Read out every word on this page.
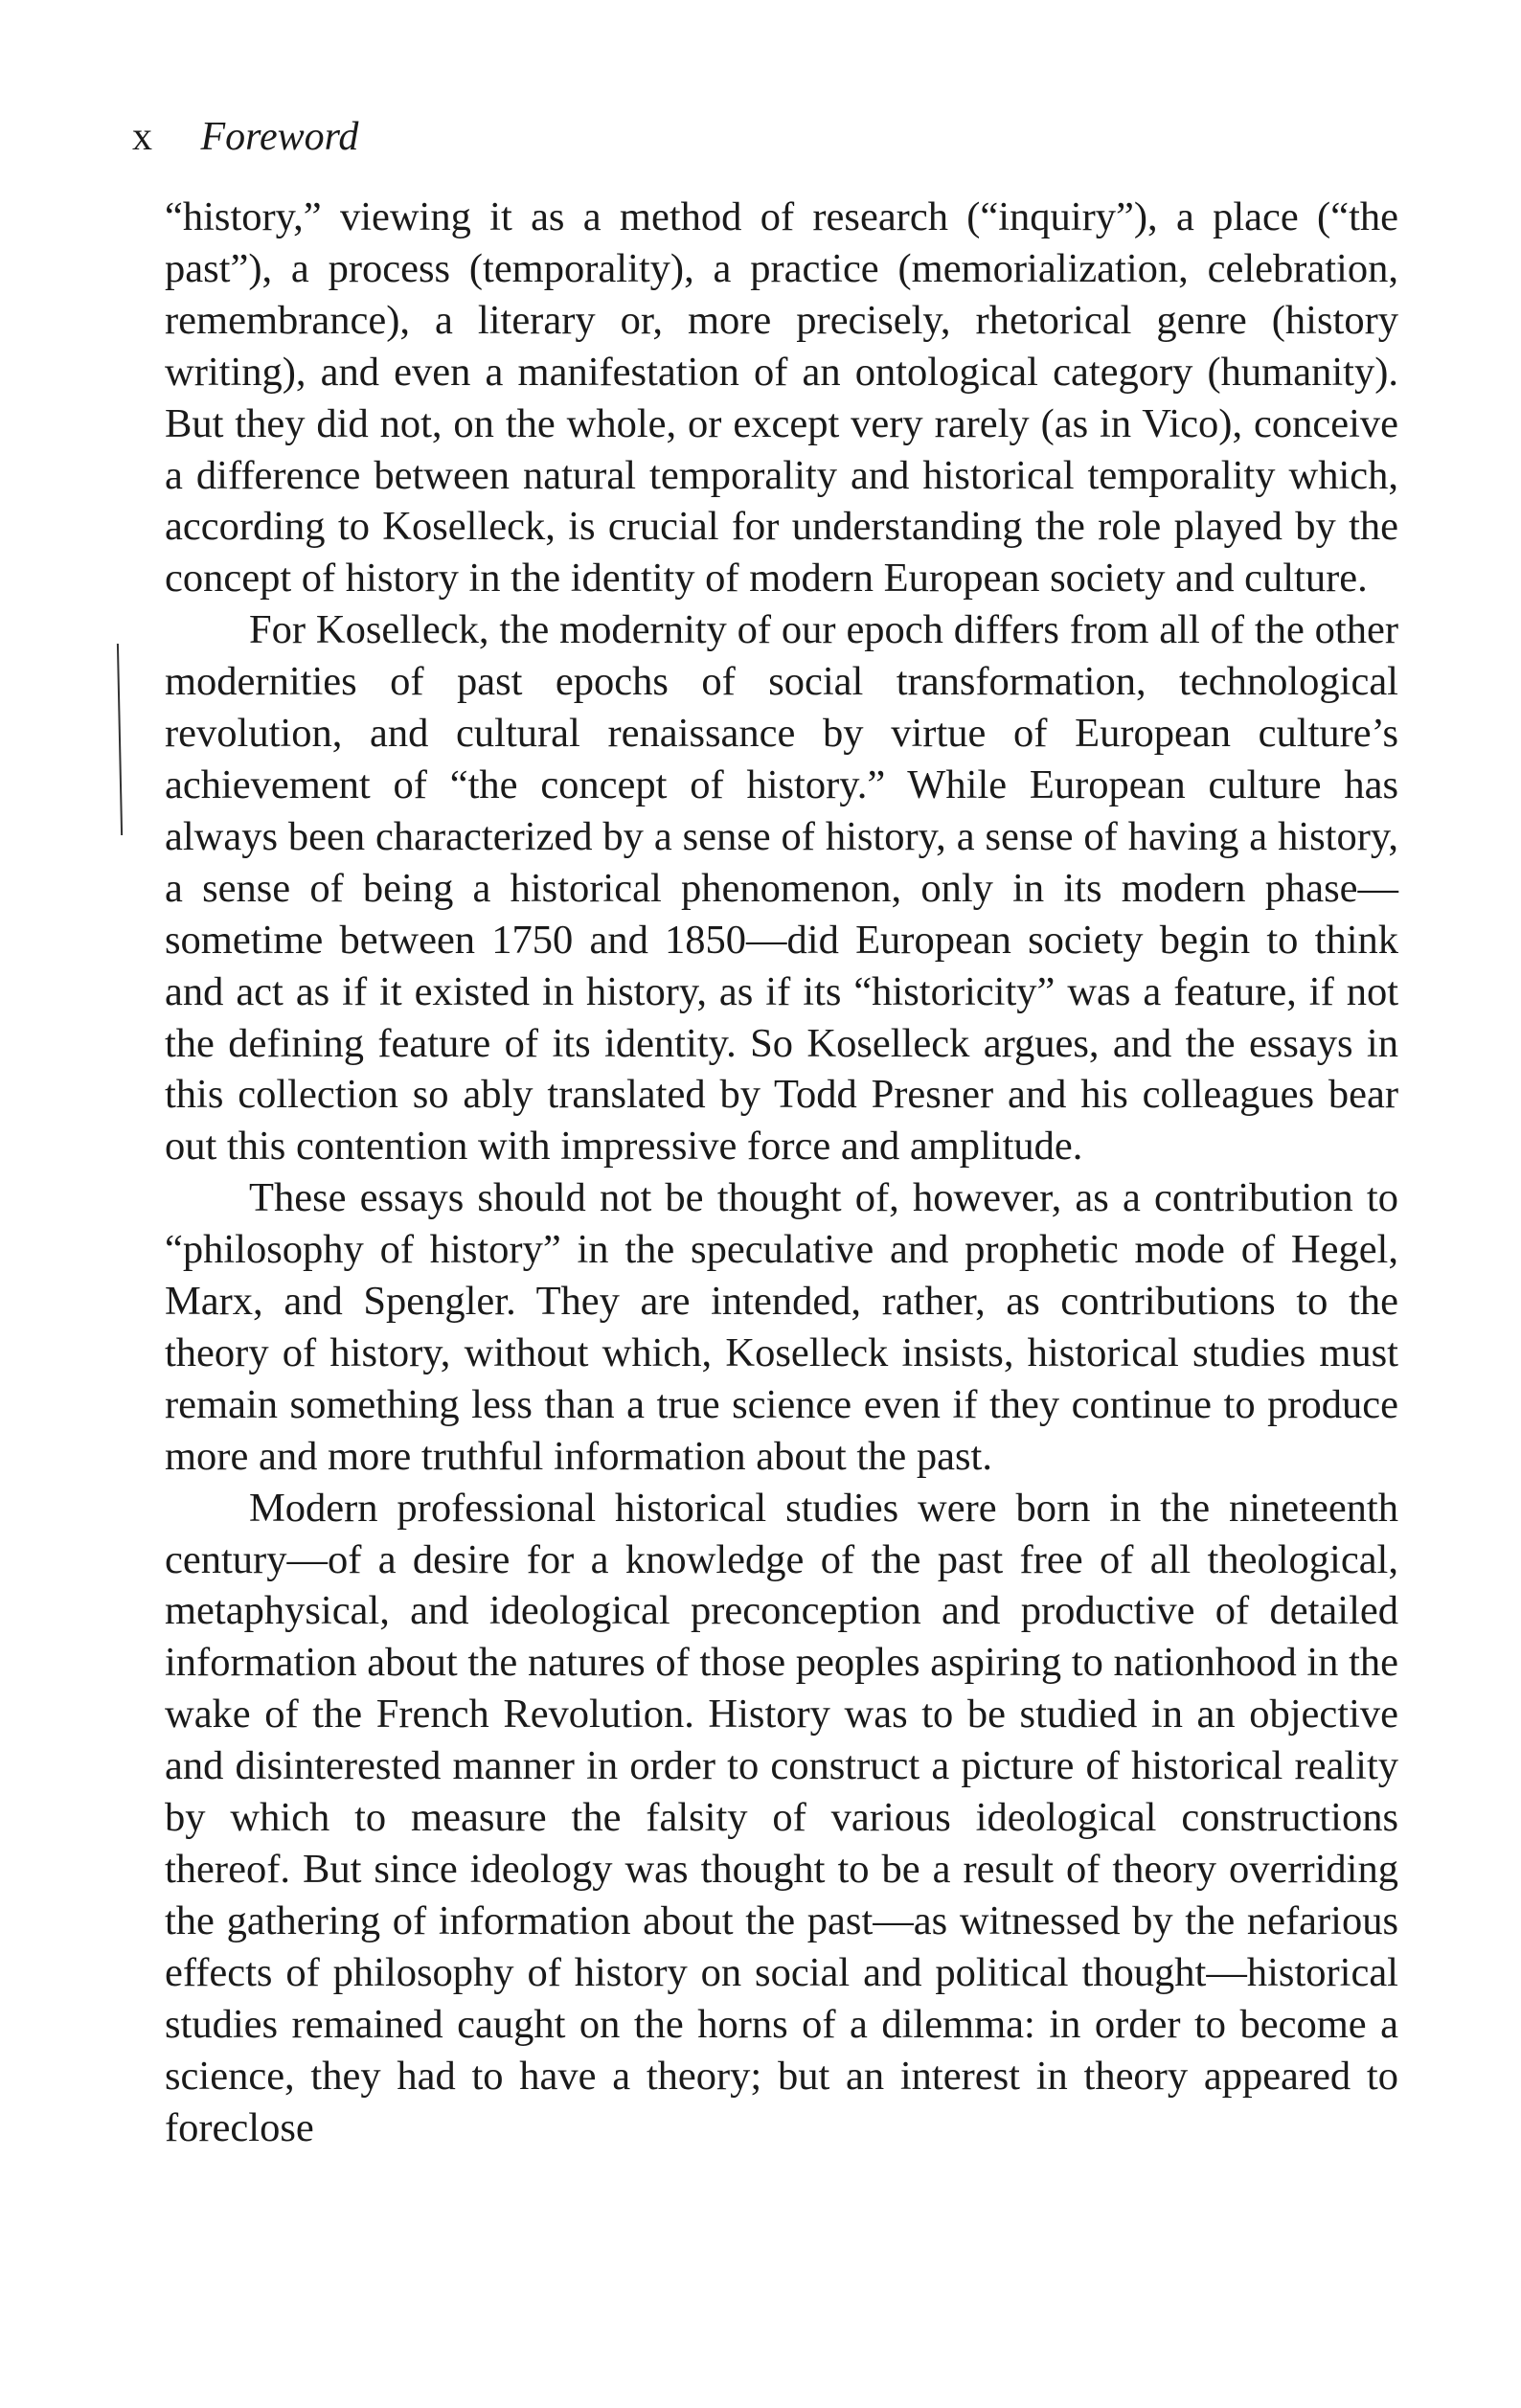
x Foreword

“history,” viewing it as a method of research (“inquiry”), a place (“the past”), a process (temporality), a practice (memorialization, celebration, remembrance), a literary or, more precisely, rhetorical genre (history writing), and even a manifestation of an ontological category (humanity). But they did not, on the whole, or except very rarely (as in Vico), conceive a difference between natural temporality and historical temporality which, according to Koselleck, is crucial for understanding the role played by the concept of history in the identity of modern European society and culture.

For Koselleck, the modernity of our epoch differs from all of the other modernities of past epochs of social transformation, technological revolution, and cultural renaissance by virtue of European culture’s achievement of “the concept of history.” While European culture has always been characterized by a sense of history, a sense of having a history, a sense of being a historical phenomenon, only in its modern phase—sometime between 1750 and 1850—did European society begin to think and act as if it existed in history, as if its “historicity” was a feature, if not the defining feature of its identity. So Koselleck argues, and the essays in this collection so ably translated by Todd Presner and his colleagues bear out this contention with impressive force and amplitude.

These essays should not be thought of, however, as a contribution to “philosophy of history” in the speculative and prophetic mode of Hegel, Marx, and Spengler. They are intended, rather, as contributions to the theory of history, without which, Koselleck insists, historical studies must remain something less than a true science even if they continue to produce more and more truthful information about the past.

Modern professional historical studies were born in the nineteenth century—of a desire for a knowledge of the past free of all theological, metaphysical, and ideological preconception and productive of detailed information about the natures of those peoples aspiring to nationhood in the wake of the French Revolution. History was to be studied in an objective and disinterested manner in order to construct a picture of historical reality by which to measure the falsity of various ideological constructions thereof. But since ideology was thought to be a result of theory overriding the gathering of information about the past—as witnessed by the nefarious effects of philosophy of history on social and political thought—historical studies remained caught on the horns of a dilemma: in order to become a science, they had to have a theory; but an interest in theory appeared to foreclose
